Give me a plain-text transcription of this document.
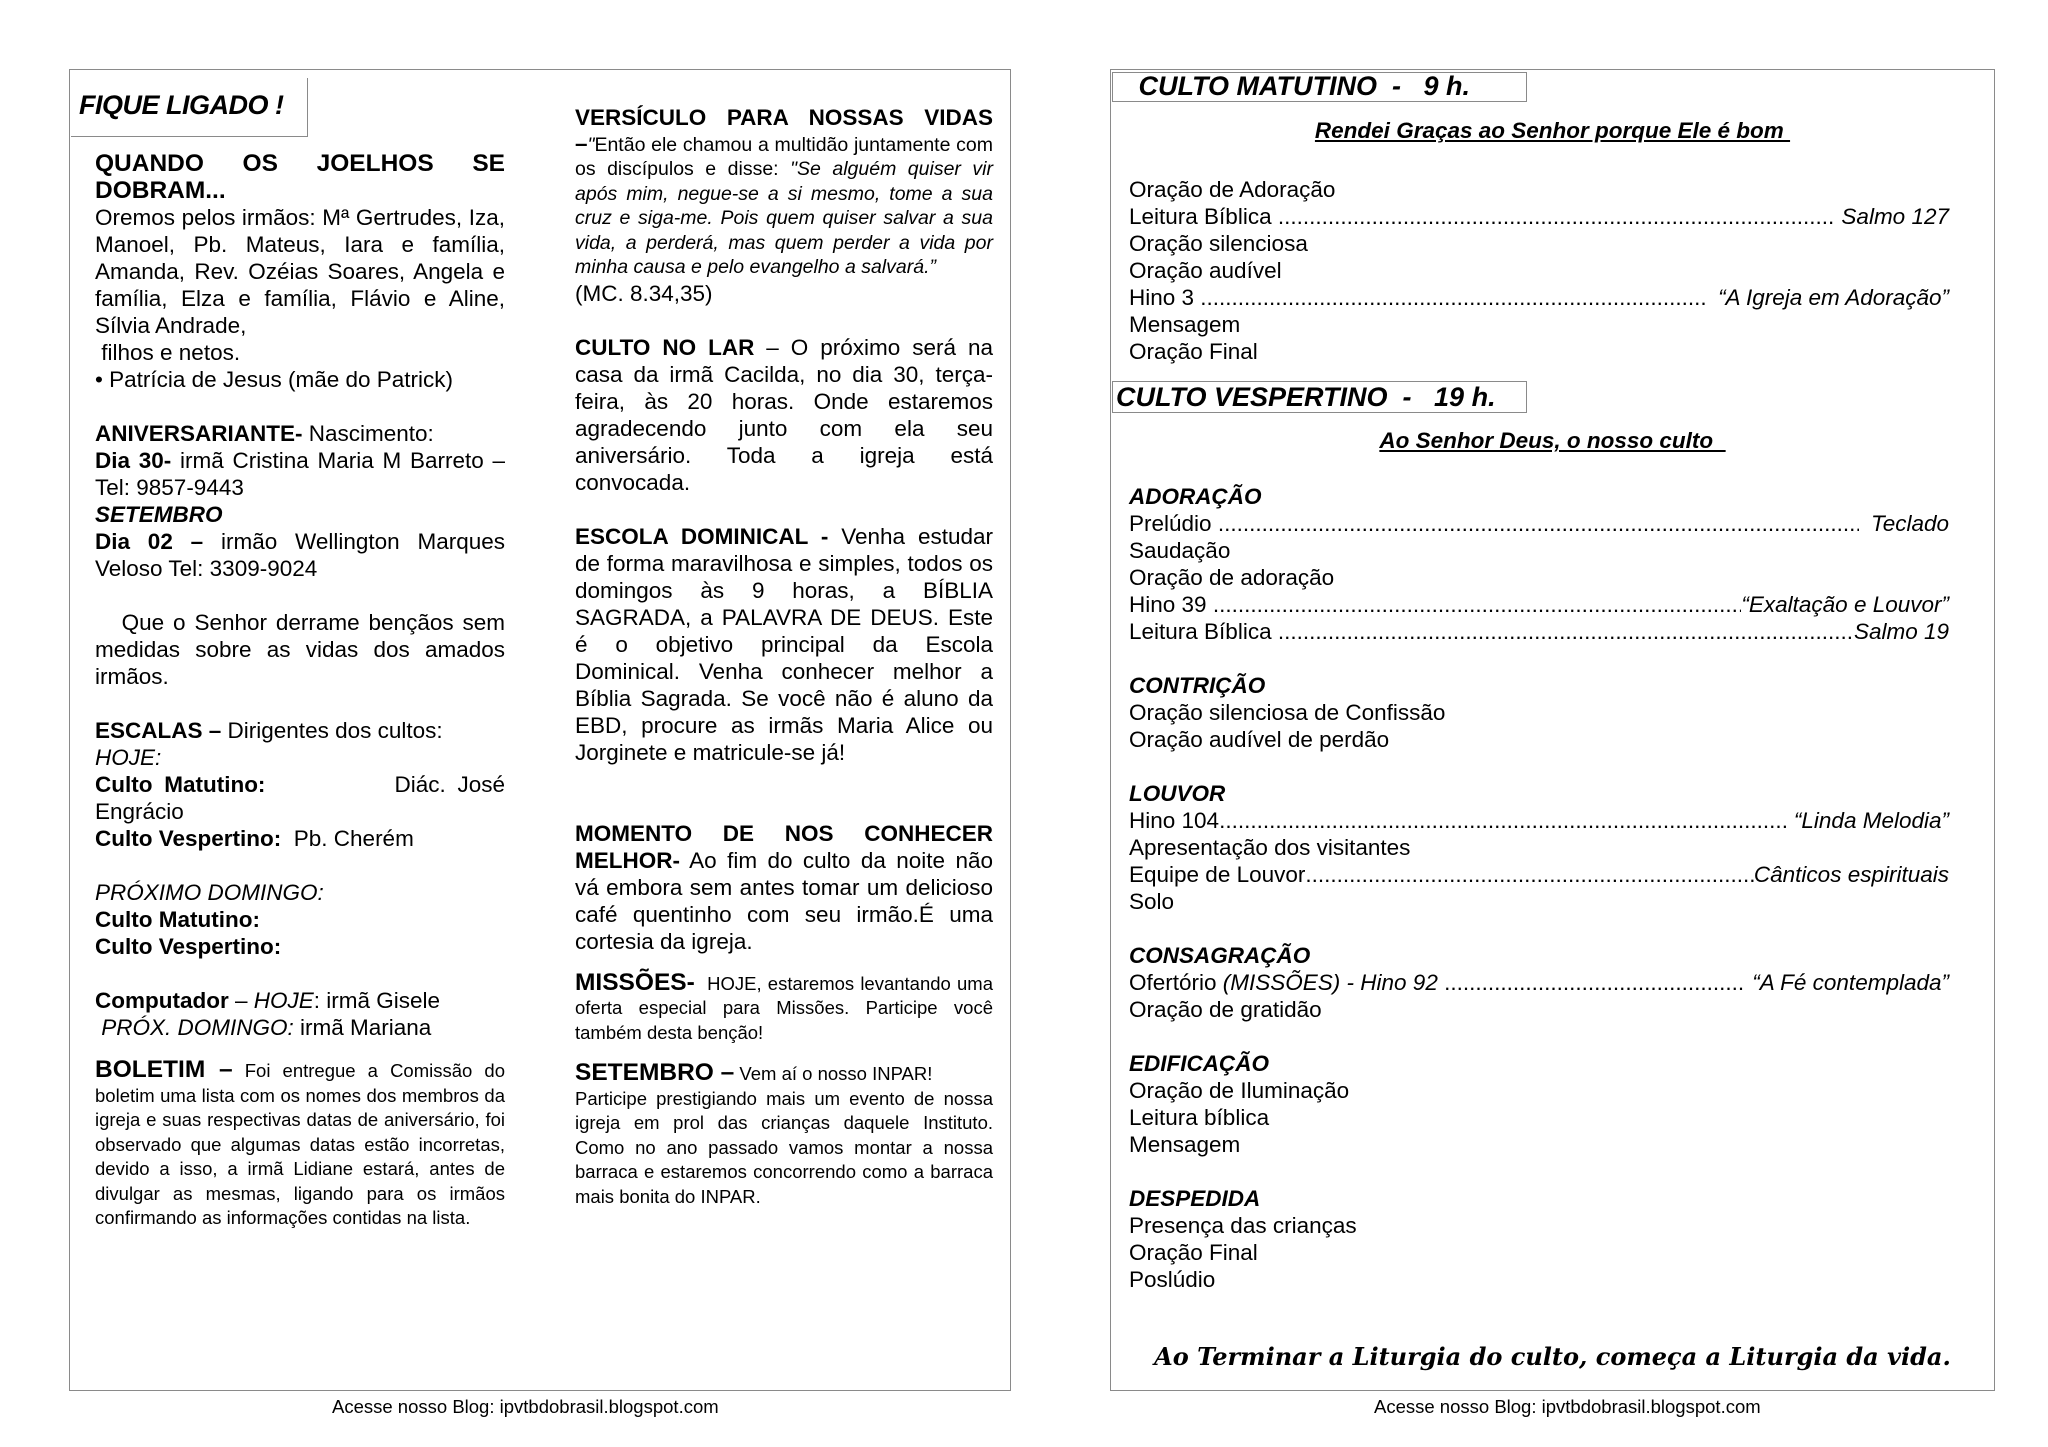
FIQUE LIGADO !

QUANDO OS JOELHOS SE DOBRAM...

Oremos pelos irmãos: Mª Gertrudes, Iza, Manoel, Pb. Mateus, Iara e família, Amanda, Rev. Ozéias Soares, Angela e família, Elza e família, Flávio e Aline, Sílvia Andrade,

filhos e netos.

• Patrícia de Jesus (mãe do Patrick)

ANIVERSARIANTE- Nascimento:

Dia 30- irmã Cristina Maria M Barreto – Tel: 9857-9443

SETEMBRO

Dia 02 – irmão Wellington Marques Veloso Tel: 3309-9024

Que o Senhor derrame bençãos sem medidas sobre as vidas dos amados  irmãos.

ESCALAS – Dirigentes dos cultos:

HOJE:

Culto Matutino:	Diác. José Engrácio

Culto Vespertino:  Pb. Cherém

PRÓXIMO DOMINGO:

Culto Matutino:

Culto Vespertino:

Computador – HOJE: irmã Gisele

PRÓX. DOMINGO: irmã Mariana

BOLETIM – Foi entregue a Comissão do boletim uma lista com os nomes dos membros da igreja e suas respectivas datas de aniversário, foi observado que algumas datas estão incorretas, devido a isso, a irmã Lidiane estará, antes de divulgar as mesmas, ligando para os irmãos confirmando as informações contidas na lista.

VERSÍCULO PARA NOSSAS VIDAS –"Então ele chamou a multidão juntamente com os discípulos e disse: "Se alguém quiser vir após mim, negue-se a si mesmo, tome a sua cruz e siga-me. Pois quem quiser salvar a sua vida, a perderá, mas quem perder a vida por minha causa e pelo evangelho a salvará.”

(MC. 8.34,35)

CULTO NO LAR – O próximo será na casa da irmã Cacilda, no dia 30, terça-feira, às 20 horas. Onde estaremos agradecendo junto com ela seu aniversário. Toda a igreja está convocada.

ESCOLA DOMINICAL - Venha estudar de forma maravilhosa e simples, todos os domingos às 9 horas, a BÍBLIA SAGRADA, a PALAVRA DE DEUS. Este é o objetivo principal da Escola Dominical. Venha conhecer melhor a Bíblia Sagrada. Se você não é aluno da EBD, procure as irmãs Maria Alice ou Jorginete e matricule-se já!

MOMENTO DE NOS CONHECER MELHOR- Ao fim do culto da noite não vá embora sem antes tomar um delicioso café quentinho com seu irmão.É uma cortesia da igreja.

MISSÕES-  HOJE, estaremos levantando uma oferta especial para Missões. Participe você também desta benção!

SETEMBRO – Vem aí o nosso INPAR!

Participe prestigiando mais um evento de nossa igreja em prol das crianças daquele Instituto. Como no ano passado vamos montar a nossa barraca e estaremos concorrendo como a barraca mais bonita do INPAR.

Acesse nosso Blog: ipvtbdobrasil.blogspot.com
CULTO MATUTINO  -   9 h.
Rendei Graças ao Senhor porque Ele é bom
Oração de Adoração
Leitura Bíblica .....	Salmo 127
Oração silenciosa
Oração audível
Hino 3 .....	“A Igreja em Adoração”
Mensagem
Oração Final
CULTO VESPERTINO  -   19 h.
Ao Senhor Deus, o nosso culto
ADORAÇÃO
Prelúdio .....	Teclado
Saudação
Oração de adoração
Hino 39 .....	“Exaltação e Louvor”
Leitura Bíblica .....	Salmo 19
CONTRIÇÃO
Oração silenciosa de Confissão
Oração audível de perdão
LOUVOR
Hino 104 .....	“Linda Melodia”
Apresentação dos visitantes
Equipe de Louvor .....	Cânticos espirituais
Solo
CONSAGRAÇÃO
Ofertório (MISSÕES) - Hino 92 .....	“A Fé contemplada”
Oração de gratidão
EDIFICAÇÃO
Oração de Iluminação
Leitura bíblica
Mensagem
DESPEDIDA
Presença das crianças
Oração Final
Poslúdio
Ao Terminar a Liturgia do culto, começa a Liturgia da vida.
Acesse nosso Blog: ipvtbdobrasil.blogspot.com
